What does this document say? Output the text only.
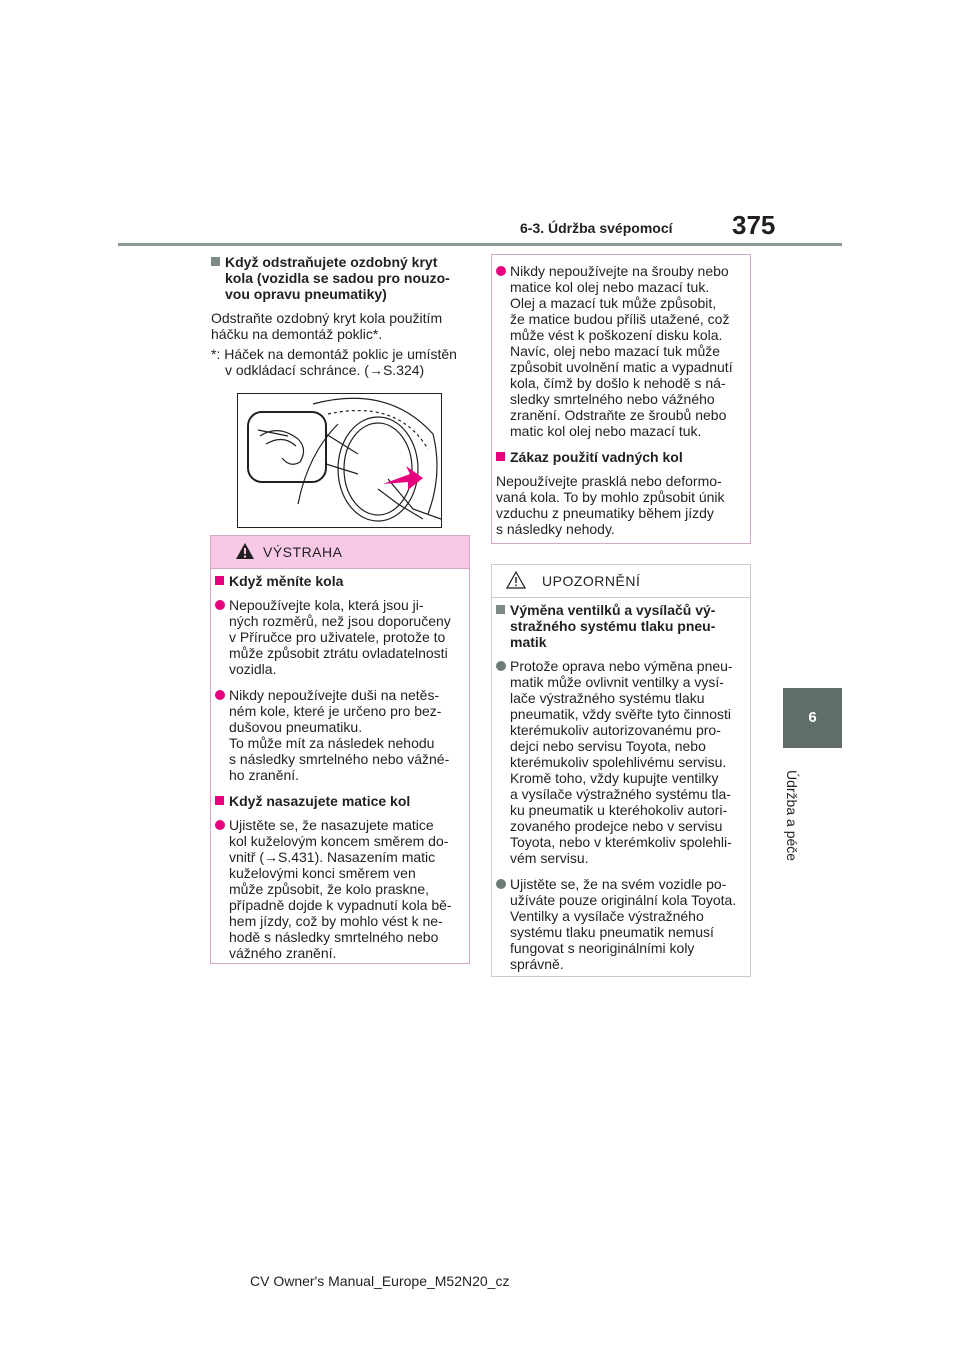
6-3. Údržba svépomocí 375
6
Údržba a péče
Když odstraňujete ozdobný kryt
kola (vozidla se sadou pro nouzo-
vou opravu pneumatiky)
Odstraňte ozdobný kryt kola použitím
háčku na demontáž poklic*.
*: Háček na demontáž poklic je umístěn
v odkládací schránce. (→S.324)
VÝSTRAHA
Když měníte kola
Nepoužívejte kola, která jsou ji-
ných rozměrů, než jsou doporučeny
v Příručce pro uživatele, protože to
může způsobit ztrátu ovladatelnosti
vozidla.
Nikdy nepoužívejte duši na netěs-
ném kole, které je určeno pro bez-
dušovou pneumatiku.
To může mít za následek nehodu
s následky smrtelného nebo vážné-
ho zranění.
Když nasazujete matice kol
Ujistěte se, že nasazujete matice
kol kuželovým koncem směrem do-
vnitř (→S.431). Nasazením matic
kuželovými konci směrem ven
může způsobit, že kolo praskne,
případně dojde k vypadnutí kola bě-
hem jízdy, což by mohlo vést k ne-
hodě s následky smrtelného nebo
vážného zranění.
Nikdy nepoužívejte na šrouby nebo
matice kol olej nebo mazací tuk.
Olej a mazací tuk může způsobit,
že matice budou příliš utažené, což
může vést k poškození disku kola.
Navíc, olej nebo mazací tuk může
způsobit uvolnění matic a vypadnutí
kola, čímž by došlo k nehodě s ná-
sledky smrtelného nebo vážného
zranění. Odstraňte ze šroubů nebo
matic kol olej nebo mazací tuk.
Zákaz použití vadných kol
Nepoužívejte prasklá nebo deformo-
vaná kola. To by mohlo způsobit únik
vzduchu z pneumatiky během jízdy
s následky nehody.
UPOZORNĚNÍ
Výměna ventilků a vysílačů vý-
stražného systému tlaku pneu-
matik
Protože oprava nebo výměna pneu-
matik může ovlivnit ventilky a vysí-
lače výstražného systému tlaku
pneumatik, vždy svěřte tyto činnosti
kterémukoliv autorizovanému pro-
dejci nebo servisu Toyota, nebo
kterémukoliv spolehlivému servisu.
Kromě toho, vždy kupujte ventilky
a vysílače výstražného systému tla-
ku pneumatik u kteréhokoliv autori-
zovaného prodejce nebo v servisu
Toyota, nebo v kterémkoliv spolehli-
vém servisu.
Ujistěte se, že na svém vozidle po-
užíváte pouze originální kola Toyota.
Ventilky a vysílače výstražného
systému tlaku pneumatik nemusí
fungovat s neoriginálními koly
správně.
CV Owner's Manual_Europe_M52N20_cz
